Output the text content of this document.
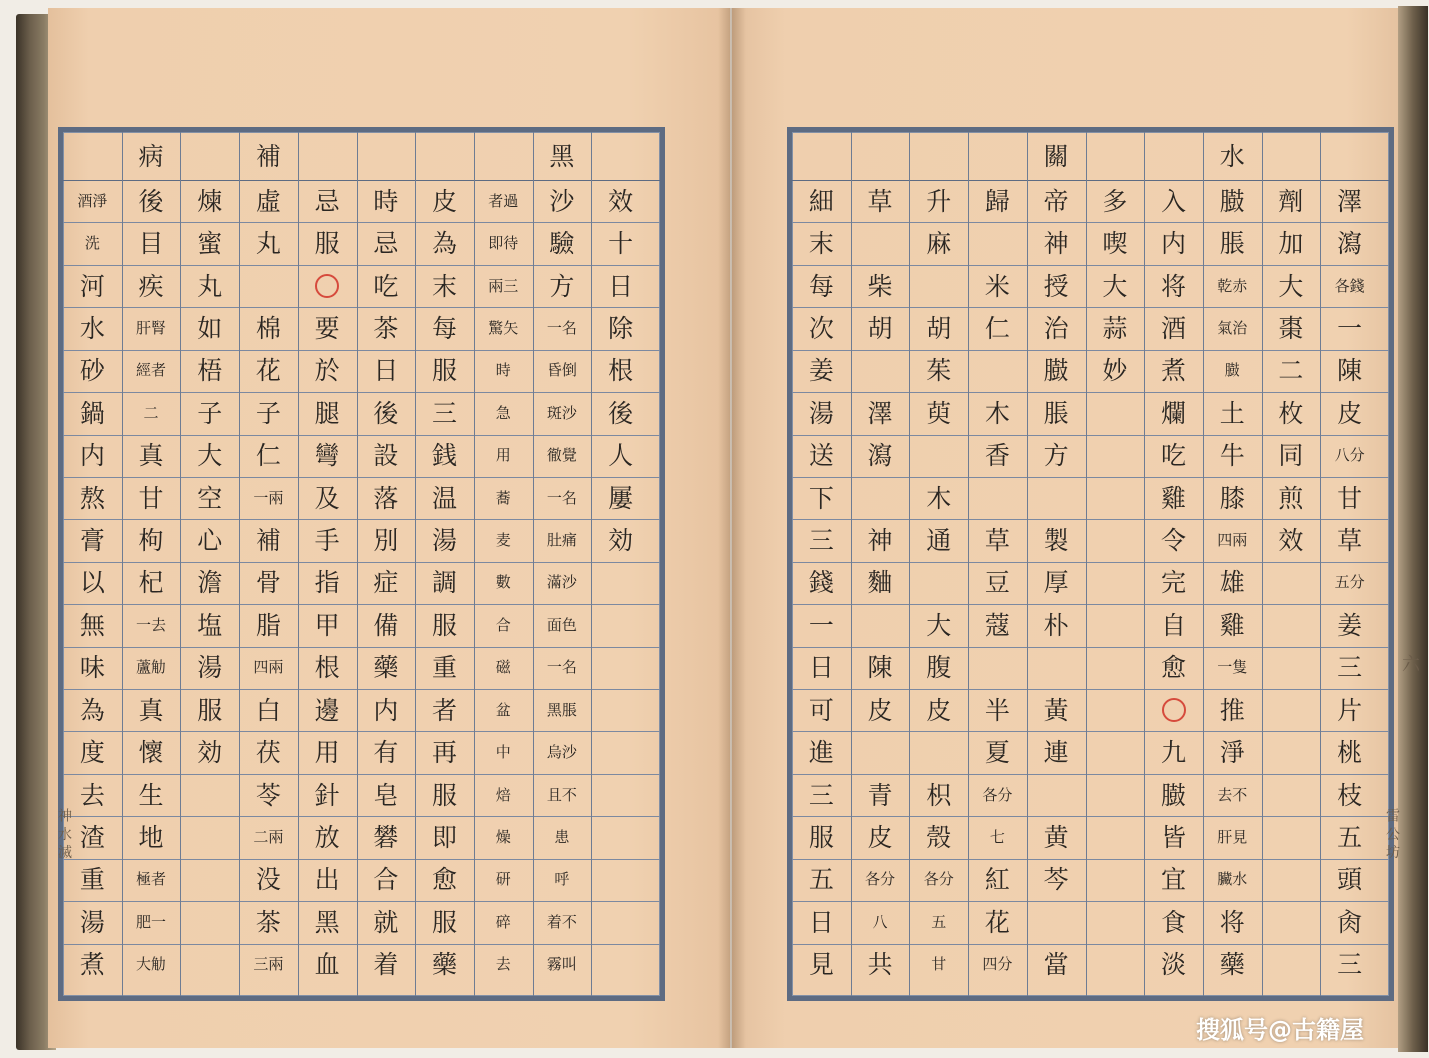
效
十
日
除
根
後
人
屢
効
黑
沙
驗
方
皮
為
末
每
服
三
銭
温
湯
調
服
重
者
再
服
即
愈
服
藥
時
忌
吃
茶
日
後
設
落
別
症
備
藥
内
有
皂
礬
合
就
着
忌
服
要
於
腿
彎
及
手
指
甲
根
邊
用
針
放
出
黑
血
補
虛
丸
棉
花
子
仁
補
骨
脂
白
茯
苓
没
茶
煉
蜜
丸
如
梧
子
大
空
心
澹
塩
湯
服
効
病
後
目
疾
真
甘
枸
杞
真
懷
生
地
河
水
砂
鍋
内
熬
膏
以
無
味
為
度
去
渣
重
湯
煮
一名
昏倒
斑沙
徹覺
一名
肚痛
滿沙
面色
一名
黑脹
烏沙
且不
患
呼
着不
霧叫
者過
即待
兩三
驚矢
時
急
用
蕎
麦
數
合
磁
盆
中
焙
燥
研
碎
去
一兩
四兩
二兩
三兩
肝腎
經者
二
一去
蘆觔
極者
肥一
大觔
酒淨
洗
澤
瀉
一
陳
皮
甘
草
姜
三
片
桃
枝
五
頭
肏
三
劑
加
大
棗
二
枚
同
煎
效
水
臌
脹
土
牛
膝
雄
雞
推
淨
将
藥
入
内
将
酒
煮
爛
吃
雞
令
完
自
愈
九
臌
皆
宜
食
淡
多
喫
大
蒜
妙
關
帝
神
授
治
臌
脹
方
製
厚
朴
黃
連
黄
芩
當
歸
米
仁
木
香
草
豆
蔻
半
夏
紅
花
升
麻
胡
茱
萸
木
通
大
腹
皮
枳
殼
草
柴
胡
澤
瀉
神
麯
陳
皮
青
皮
共
細
末
每
次
姜
湯
送
下
三
錢
一
日
可
進
三
服
五
日
見
各錢
八分
五分
乾赤
氣治
臌
四兩
一隻
去不
肝見
臟水
七
五
四分
各分
各分
八
甘
各分
神 水 滅	雷 公 坊
六
搜狐号@古籍屋
